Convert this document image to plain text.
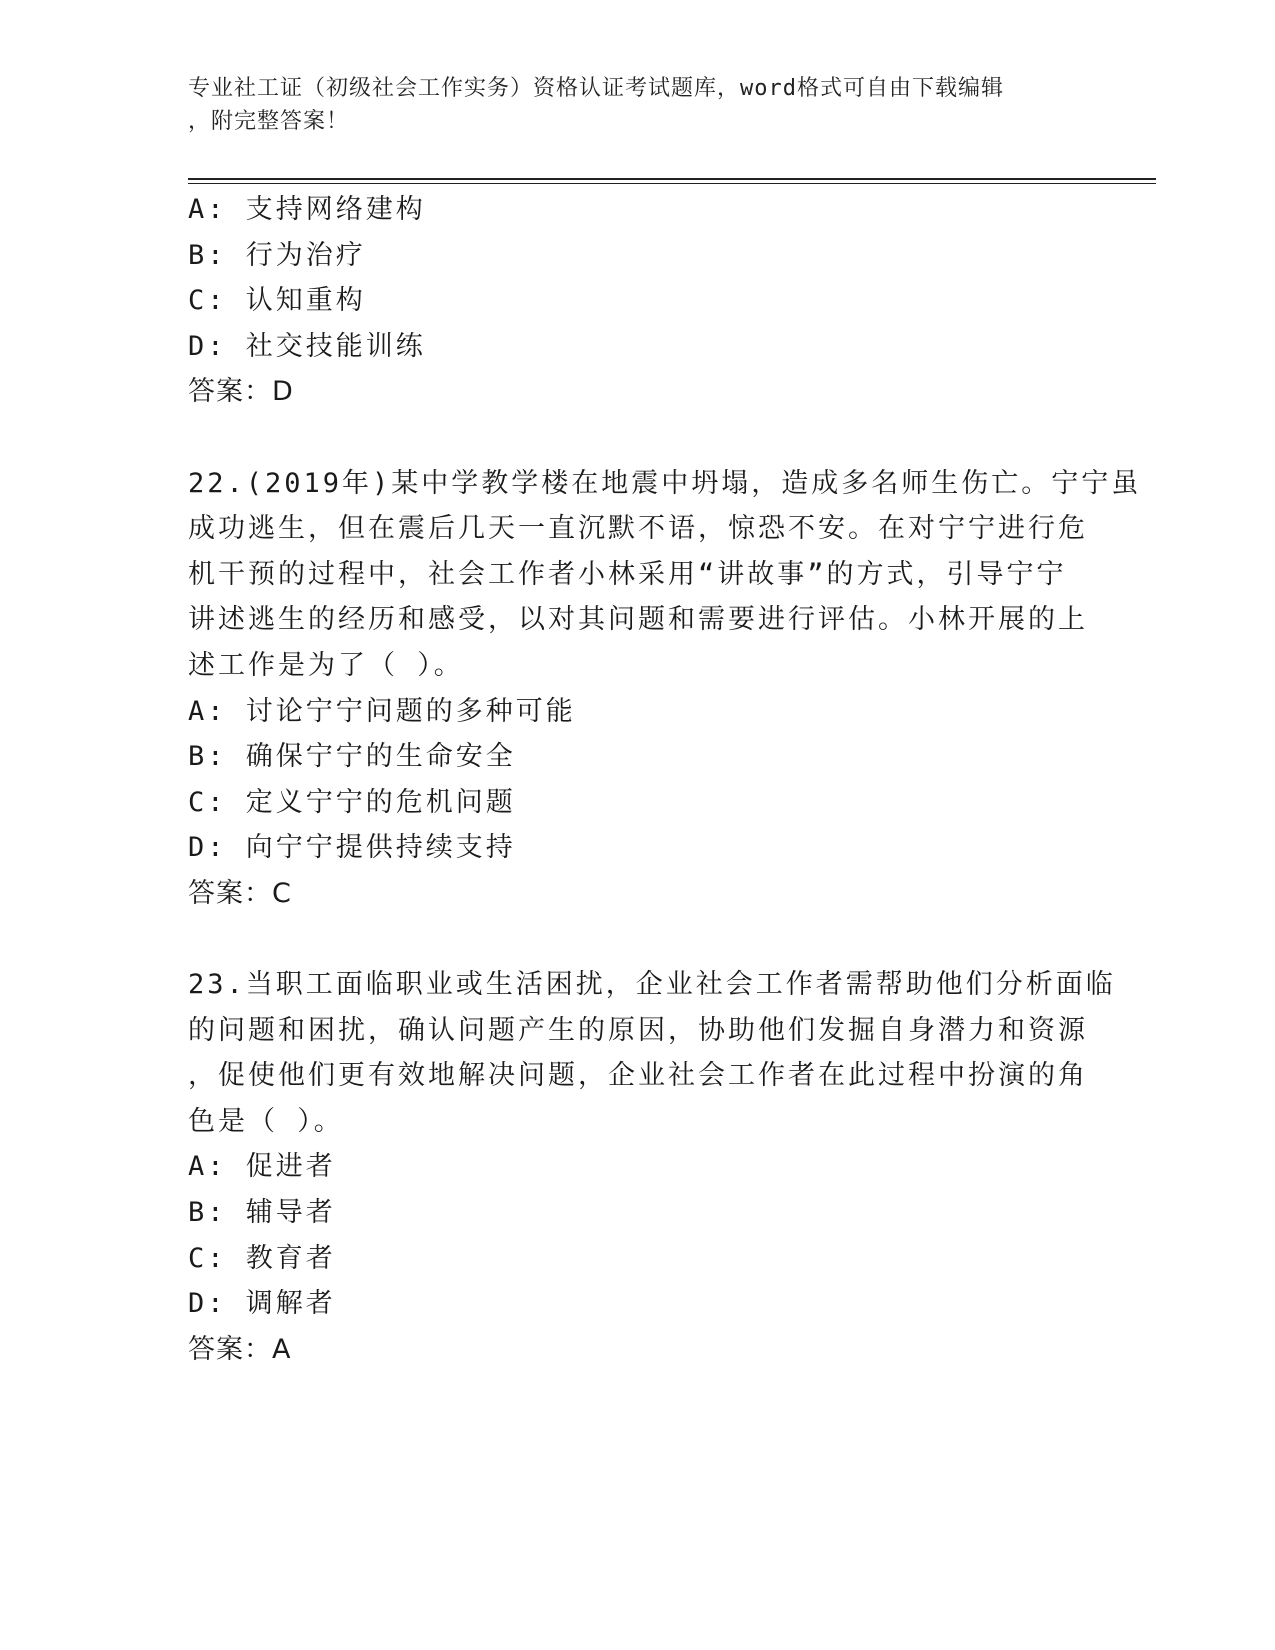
专业社工证（初级社会工作实务）资格认证考试题库，word格式可自由下载编辑
，附完整答案！
A: 支持网络建构
B: 行为治疗
C: 认知重构
D: 社交技能训练
答案：D
22.(2019年)某中学教学楼在地震中坍塌，造成多名师生伤亡。宁宁虽
成功逃生，但在震后几天一直沉默不语，惊恐不安。在对宁宁进行危
机干预的过程中，社会工作者小林采用“讲故事”的方式，引导宁宁
讲述逃生的经历和感受，以对其问题和需要进行评估。小林开展的上
述工作是为了（ ）。
A: 讨论宁宁问题的多种可能
B: 确保宁宁的生命安全
C: 定义宁宁的危机问题
D: 向宁宁提供持续支持
答案：C
23.当职工面临职业或生活困扰，企业社会工作者需帮助他们分析面临
的问题和困扰，确认问题产生的原因，协助他们发掘自身潜力和资源
，促使他们更有效地解决问题，企业社会工作者在此过程中扮演的角
色是（ ）。
A: 促进者
B: 辅导者
C: 教育者
D: 调解者
答案：A
